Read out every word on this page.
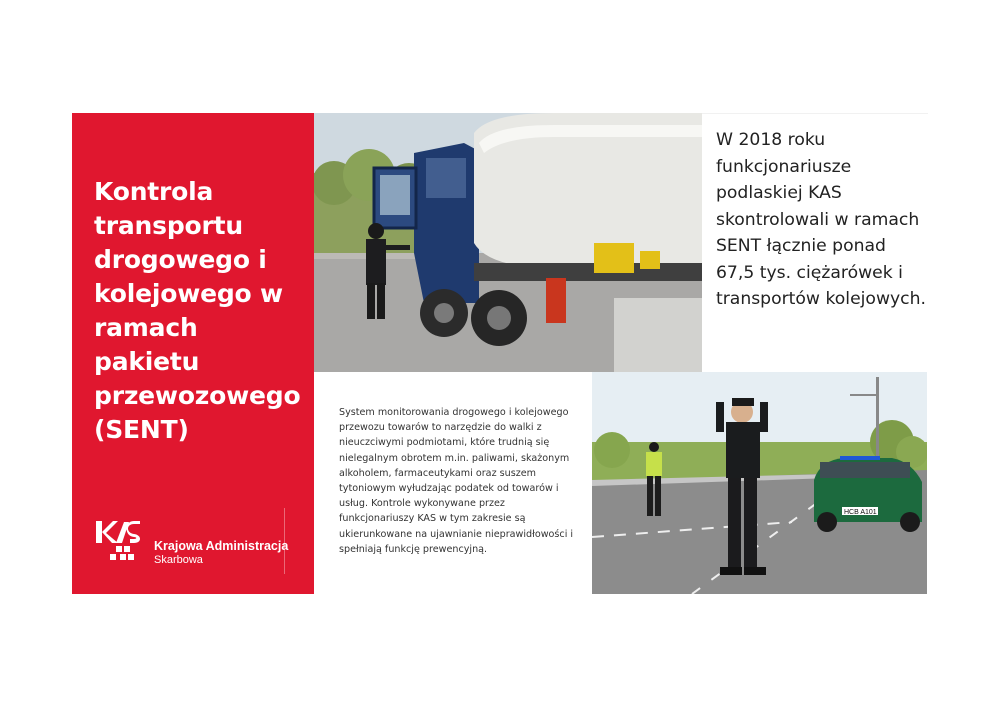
Kontrola transportu drogowego i kolejowego w ramach pakietu przewozowego (SENT)
Krajowa Administracja
Skarbowa

W 2018 roku funkcjonariusze podlaskiej KAS skontrolowali w ramach SENT łącznie ponad 67,5 tys. ciężarówek i transportów kolejowych.

System monitorowania drogowego i kolejowego przewozu towarów to narzędzie do walki z nieuczciwymi podmiotami, które trudnią się nielegalnym obrotem m.in. paliwami, skażonym alkoholem, farmaceutykami oraz suszem tytoniowym wyłudzając podatek od towarów i usług. Kontrole wykonywane przez funkcjonariuszy KAS w tym zakresie są ukierunkowane na ujawnianie nieprawidłowości i spełniają funkcję prewencyjną.

HCB A101
